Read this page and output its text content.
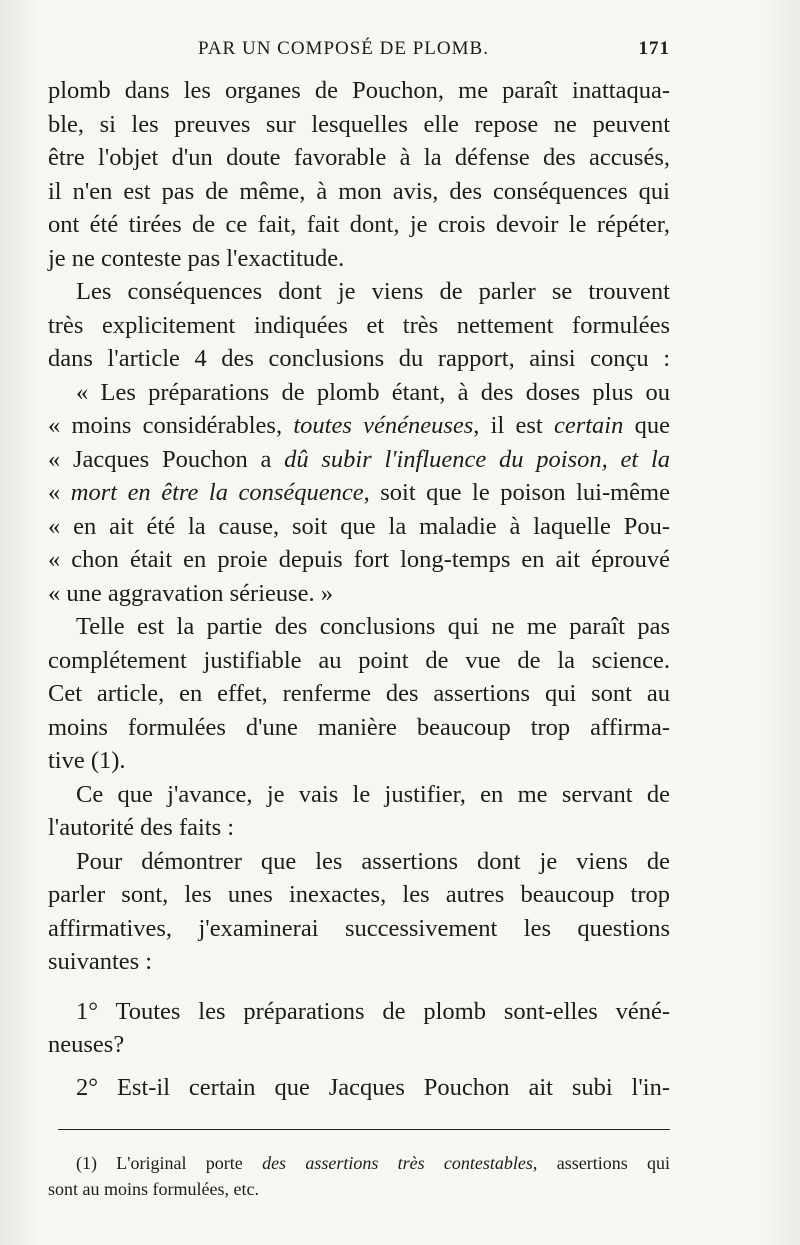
PAR UN COMPOSÉ DE PLOMB.	171
plomb dans les organes de Pouchon, me paraît inattaqua-
ble, si les preuves sur lesquelles elle repose ne peuvent
être l'objet d'un doute favorable à la défense des accusés,
il n'en est pas de même, à mon avis, des conséquences qui
ont été tirées de ce fait, fait dont, je crois devoir le répéter,
je ne conteste pas l'exactitude.
Les conséquences dont je viens de parler se trouvent
très explicitement indiquées et très nettement formulées
dans l'article 4 des conclusions du rapport, ainsi conçu :
« Les préparations de plomb étant, à des doses plus ou
« moins considérables, toutes vénéneuses, il est certain que
« Jacques Pouchon a dû subir l'influence du poison, et la
« mort en être la conséquence, soit que le poison lui-même
« en ait été la cause, soit que la maladie à laquelle Pou-
« chon était en proie depuis fort long-temps en ait éprouvé
« une aggravation sérieuse. »
Telle est la partie des conclusions qui ne me paraît pas
complétement justifiable au point de vue de la science.
Cet article, en effet, renferme des assertions qui sont au
moins formulées d'une manière beaucoup trop affirma-
tive (1).
Ce que j'avance, je vais le justifier, en me servant de
l'autorité des faits :
Pour démontrer que les assertions dont je viens de
parler sont, les unes inexactes, les autres beaucoup trop
affirmatives, j'examinerai successivement les questions
suivantes :
1° Toutes les préparations de plomb sont-elles véné-
neuses?
2° Est-il certain que Jacques Pouchon ait subi l'in-
(1) L'original porte des assertions très contestables, assertions qui
sont au moins formulées, etc.
